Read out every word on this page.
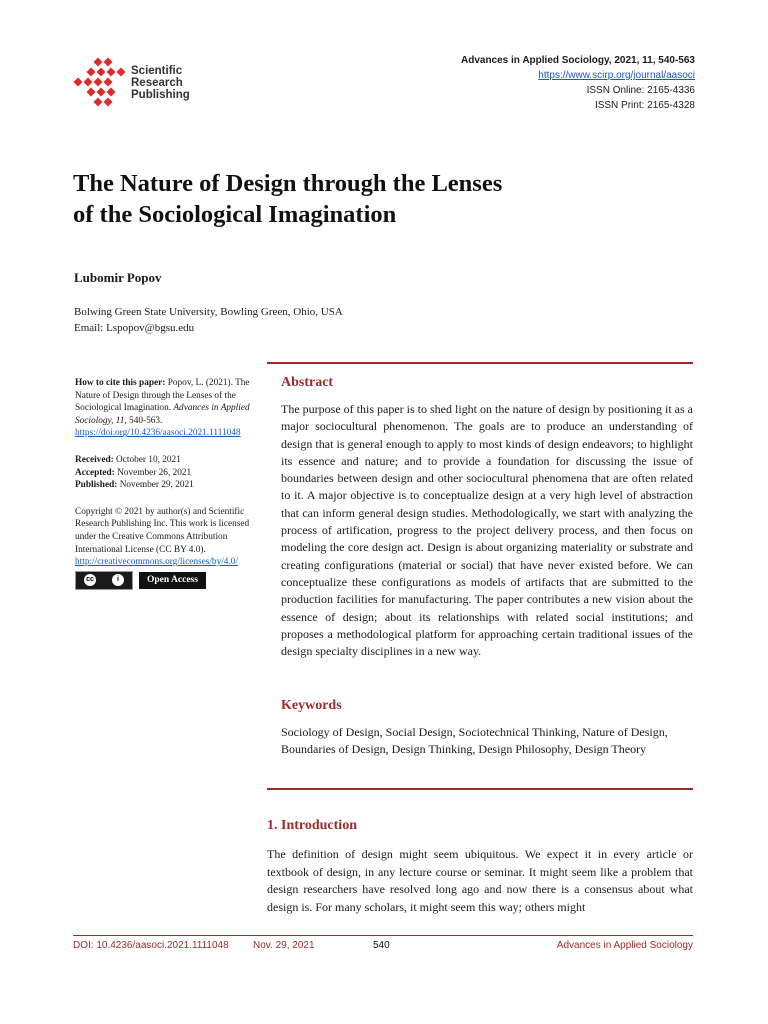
Scientific
Research
Publishing
Advances in Applied Sociology, 2021, 11, 540-563
https://www.scirp.org/journal/aasoci
ISSN Online: 2165-4336
ISSN Print: 2165-4328
The Nature of Design through the Lenses
of the Sociological Imagination
Lubomir Popov
Bolwing Green State University, Bowling Green, Ohio, USA
Email: Lspopov@bgsu.edu

How to cite this paper: Popov, L. (2021). The Nature of Design through the Lenses of the Sociological Imagination. Advances in Applied Sociology, 11, 540-563.
https://doi.org/10.4236/aasoci.2021.1111048

Received: October 10, 2021
Accepted: November 26, 2021
Published: November 29, 2021

Copyright © 2021 by author(s) and Scientific Research Publishing Inc. This work is licensed under the Creative Commons Attribution International License (CC BY 4.0).

http://creativecommons.org/licenses/by/4.0/

cc	i	Open Access
Abstract

The purpose of this paper is to shed light on the nature of design by positioning it as a major sociocultural phenomenon. The goals are to produce an understanding of design that is general enough to apply to most kinds of design endeavors; to highlight its essence and nature; and to provide a foundation for discussing the issue of boundaries between design and other sociocultural phenomena that are often related to it. A major objective is to conceptualize design at a very high level of abstraction that can inform general design studies. Methodologically, we start with analyzing the process of artification, progress to the project delivery process, and then focus on modeling the core design act. Design is about organizing materiality or substrate and creating configurations (material or social) that have never existed before. We can conceptualize these configurations as models of artifacts that are submitted to the production facilities for manufacturing. The paper contributes a new vision about the essence of design; about its relationships with related social institutions; and proposes a methodological platform for approaching certain traditional issues of the design specialty disciplines in a new way.

Keywords

Sociology of Design, Social Design, Sociotechnical Thinking, Nature of Design, Boundaries of Design, Design Thinking, Design Philosophy, Design Theory

1. Introduction

The definition of design might seem ubiquitous. We expect it in every article or textbook of design, in any lecture course or seminar. It might seem like a problem that design researchers have resolved long ago and now there is a consensus about what design is. For many scholars, it might seem this way; others might

DOI: 10.4236/aasoci.2021.1111048 Nov. 29, 2021	540	Advances in Applied Sociology
